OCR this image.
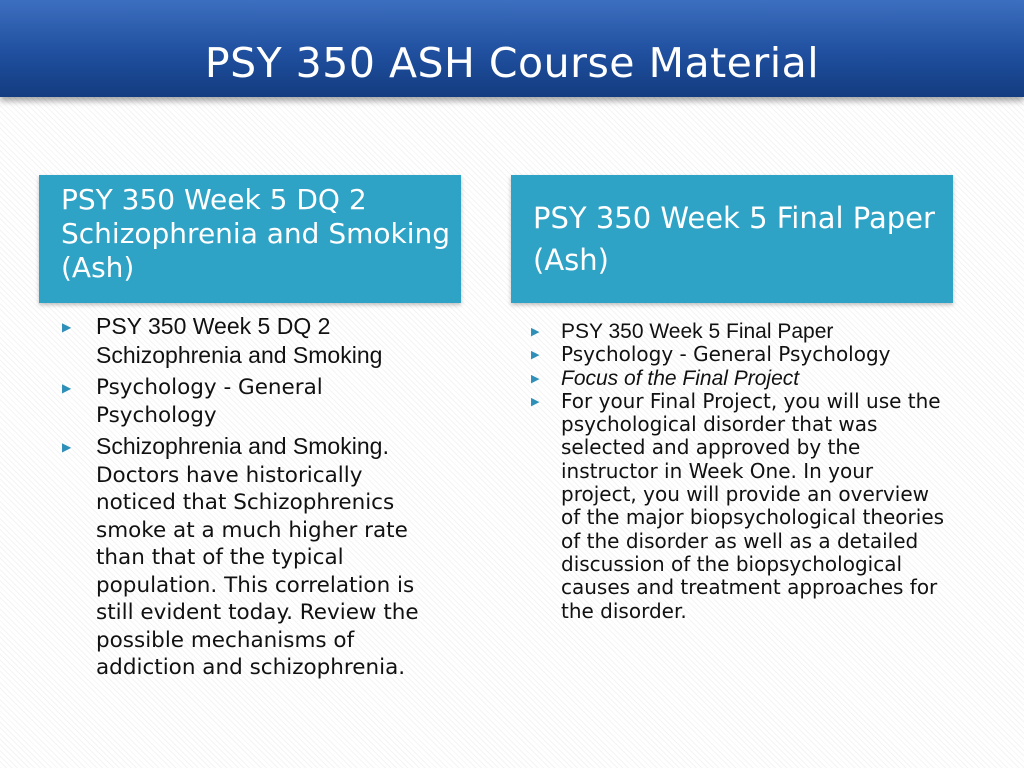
PSY 350 ASH Course Material
PSY 350 Week 5 DQ 2 Schizophrenia and Smoking (Ash)
PSY 350 Week 5 Final Paper (Ash)
▶ PSY 350 Week 5 DQ 2 Schizophrenia and Smoking
▶ Psychology - General Psychology
▶ Schizophrenia and Smoking. Doctors have historically noticed that Schizophrenics smoke at a much higher rate than that of the typical population. This correlation is still evident today. Review the possible mechanisms of addiction and schizophrenia.
▶ PSY 350 Week 5 Final Paper
▶ Psychology - General Psychology
▶ Focus of the Final Project
▶ For your Final Project, you will use the psychological disorder that was selected and approved by the instructor in Week One. In your project, you will provide an overview of the major biopsychological theories of the disorder as well as a detailed discussion of the biopsychological causes and treatment approaches for the disorder.
